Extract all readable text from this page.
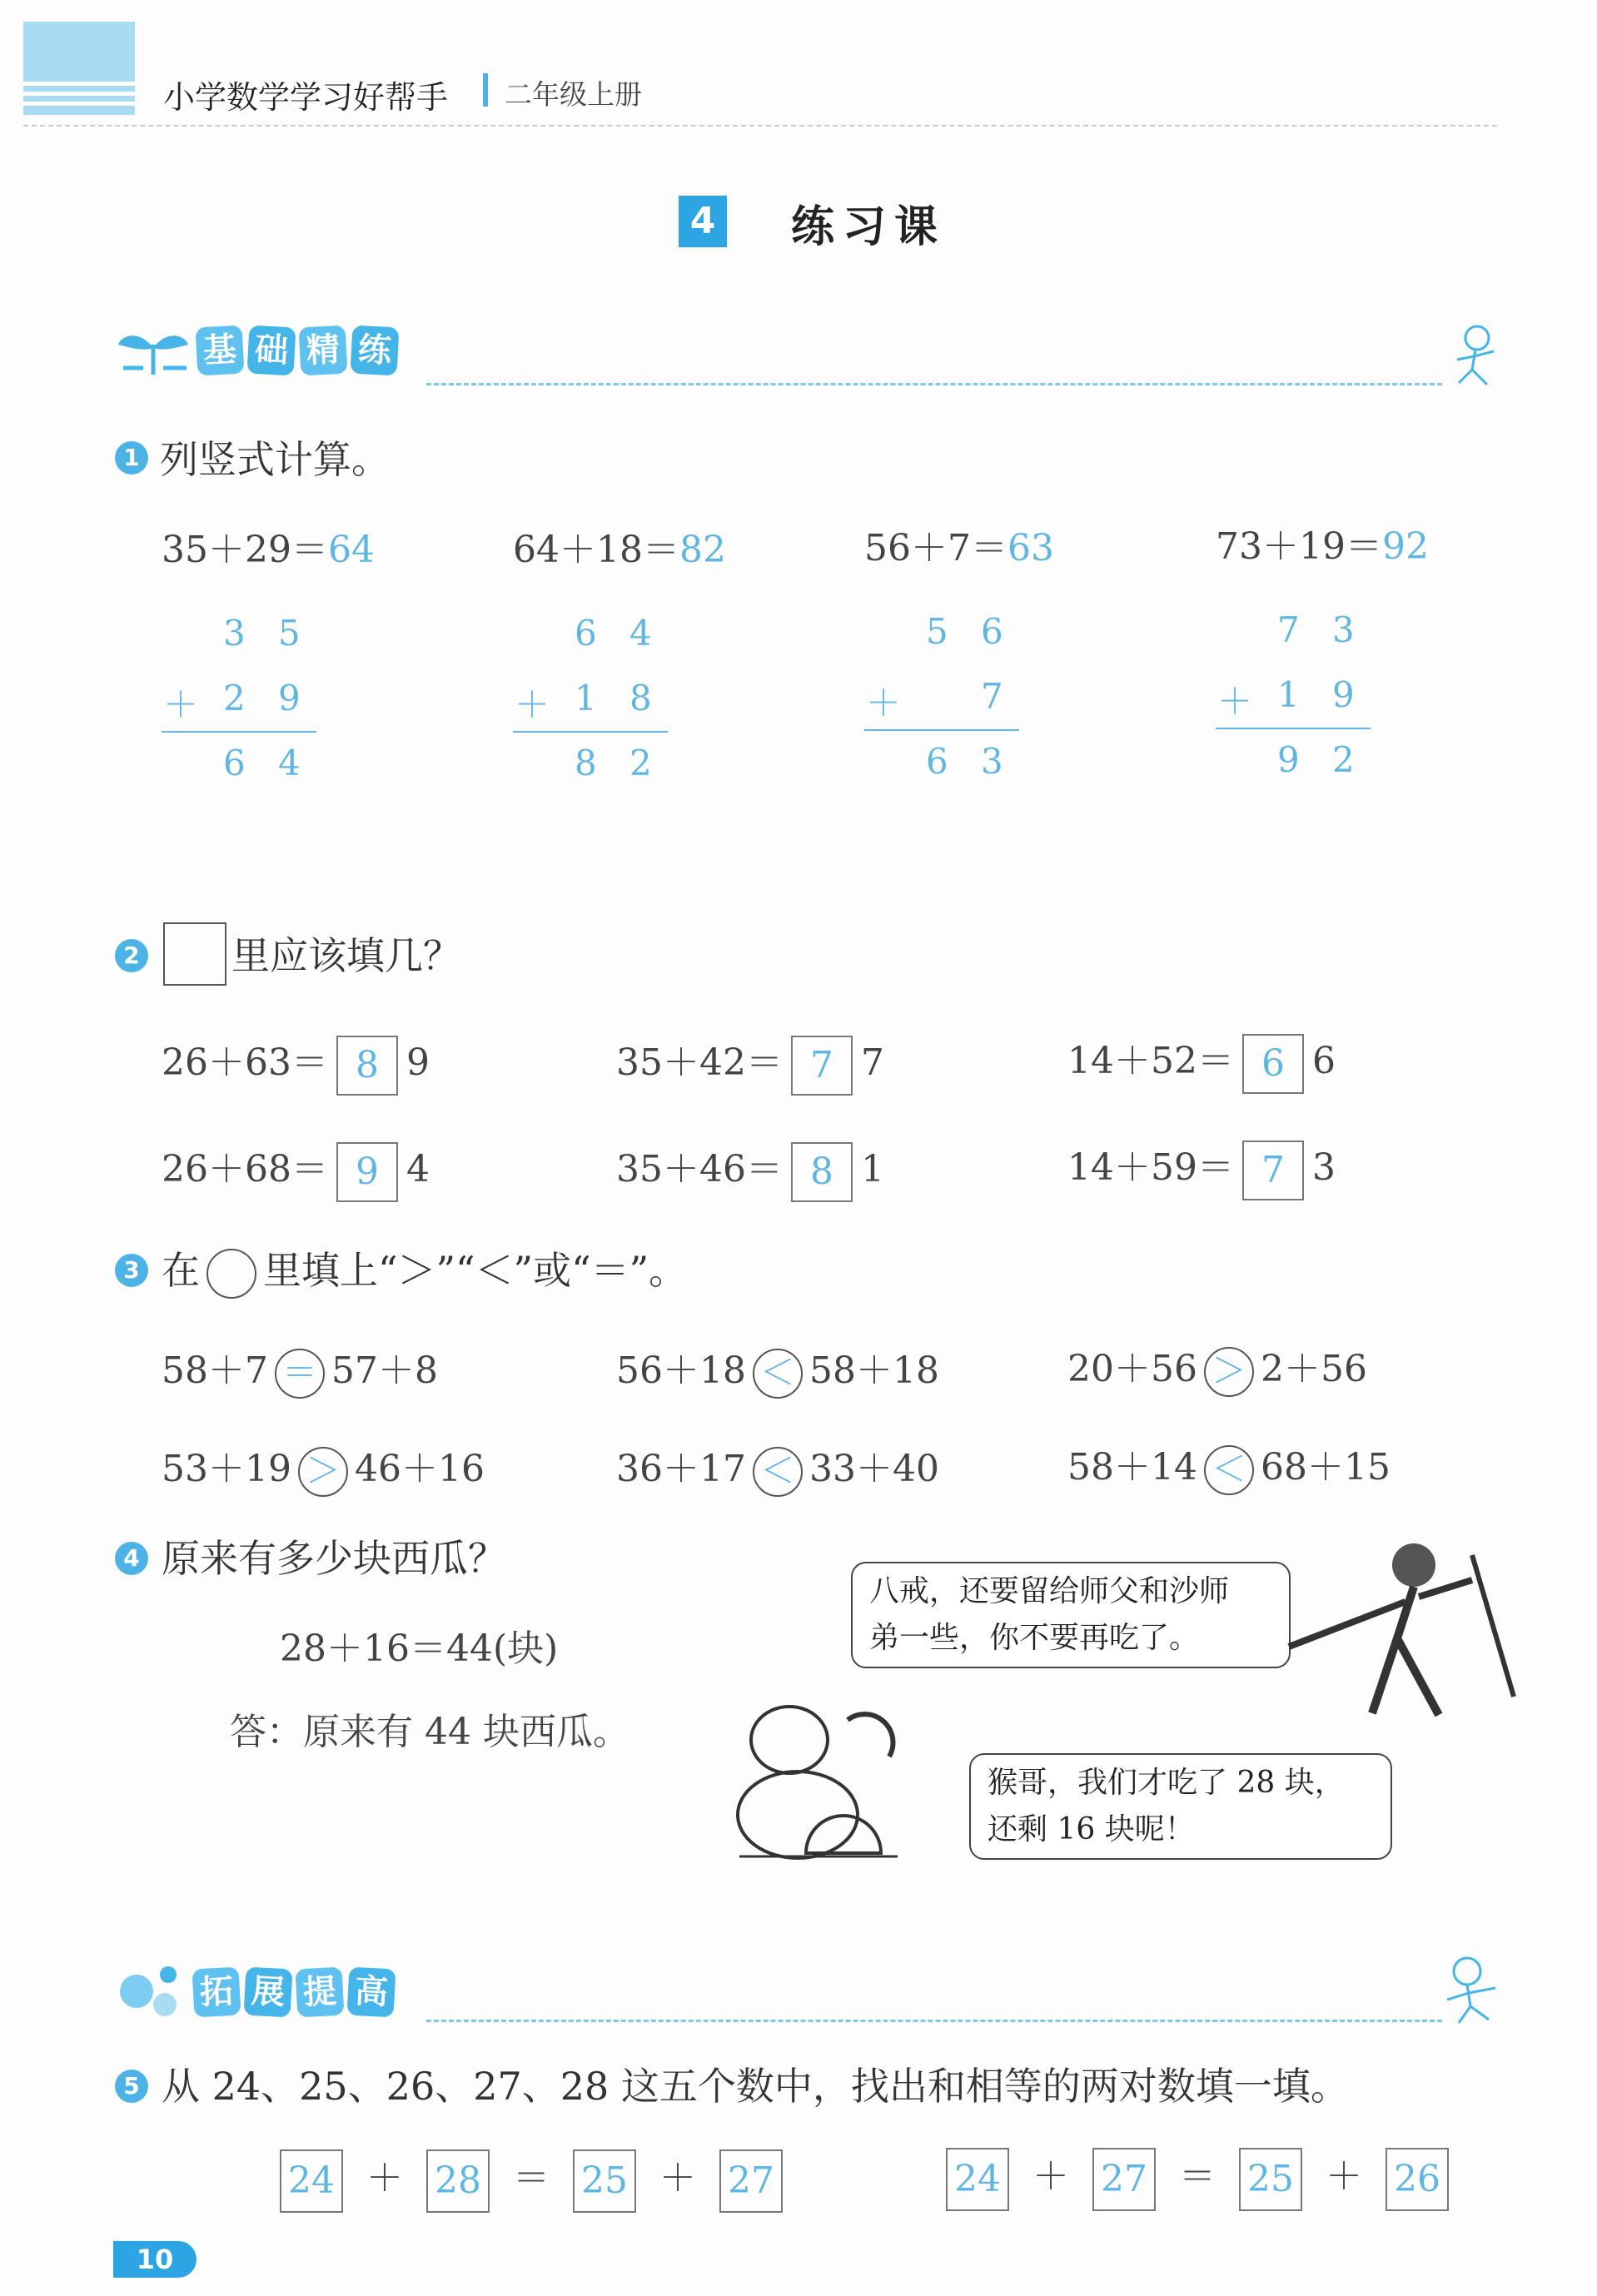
小学数学学习好帮手 二年级上册
4 练习课
基 础 精 练
1 列竖式计算。
35＋29＝64	64＋18＝82	56＋7＝63	73＋19＝92
3 5
＋ 2 9
6 4
6 4
＋ 1 8
8 2
5 6
＋ 7
6 3
7 3
＋ 1 9
9 2
2 里应该填几？
26＋63＝ 8 9	35＋42＝ 7 7	14＋52＝ 6 6
26＋68＝ 9 4	35＋46＝ 8 1	14＋59＝ 7 3
3 在 里填上“＞”“＜”或“＝”。
58＋7 ＝ 57＋8	56＋18 ＜ 58＋18	20＋56 ＞ 2＋56
53＋19 ＞ 46＋16	36＋17 ＜ 33＋40	58＋14 ＜ 68＋15
4 原来有多少块西瓜？
28＋16＝44(块)
答：原来有 44 块西瓜。
八戒，还要留给师父和沙师
弟一些，你不要再吃了。
猴哥，我们才吃了 28 块，
还剩 16 块呢！
拓 展 提 高
5 从 24、25、26、27、28 这五个数中，找出和相等的两对数填一填。
24 ＋ 28 ＝ 25 ＋ 27	24 ＋ 27 ＝ 25 ＋ 26
10
